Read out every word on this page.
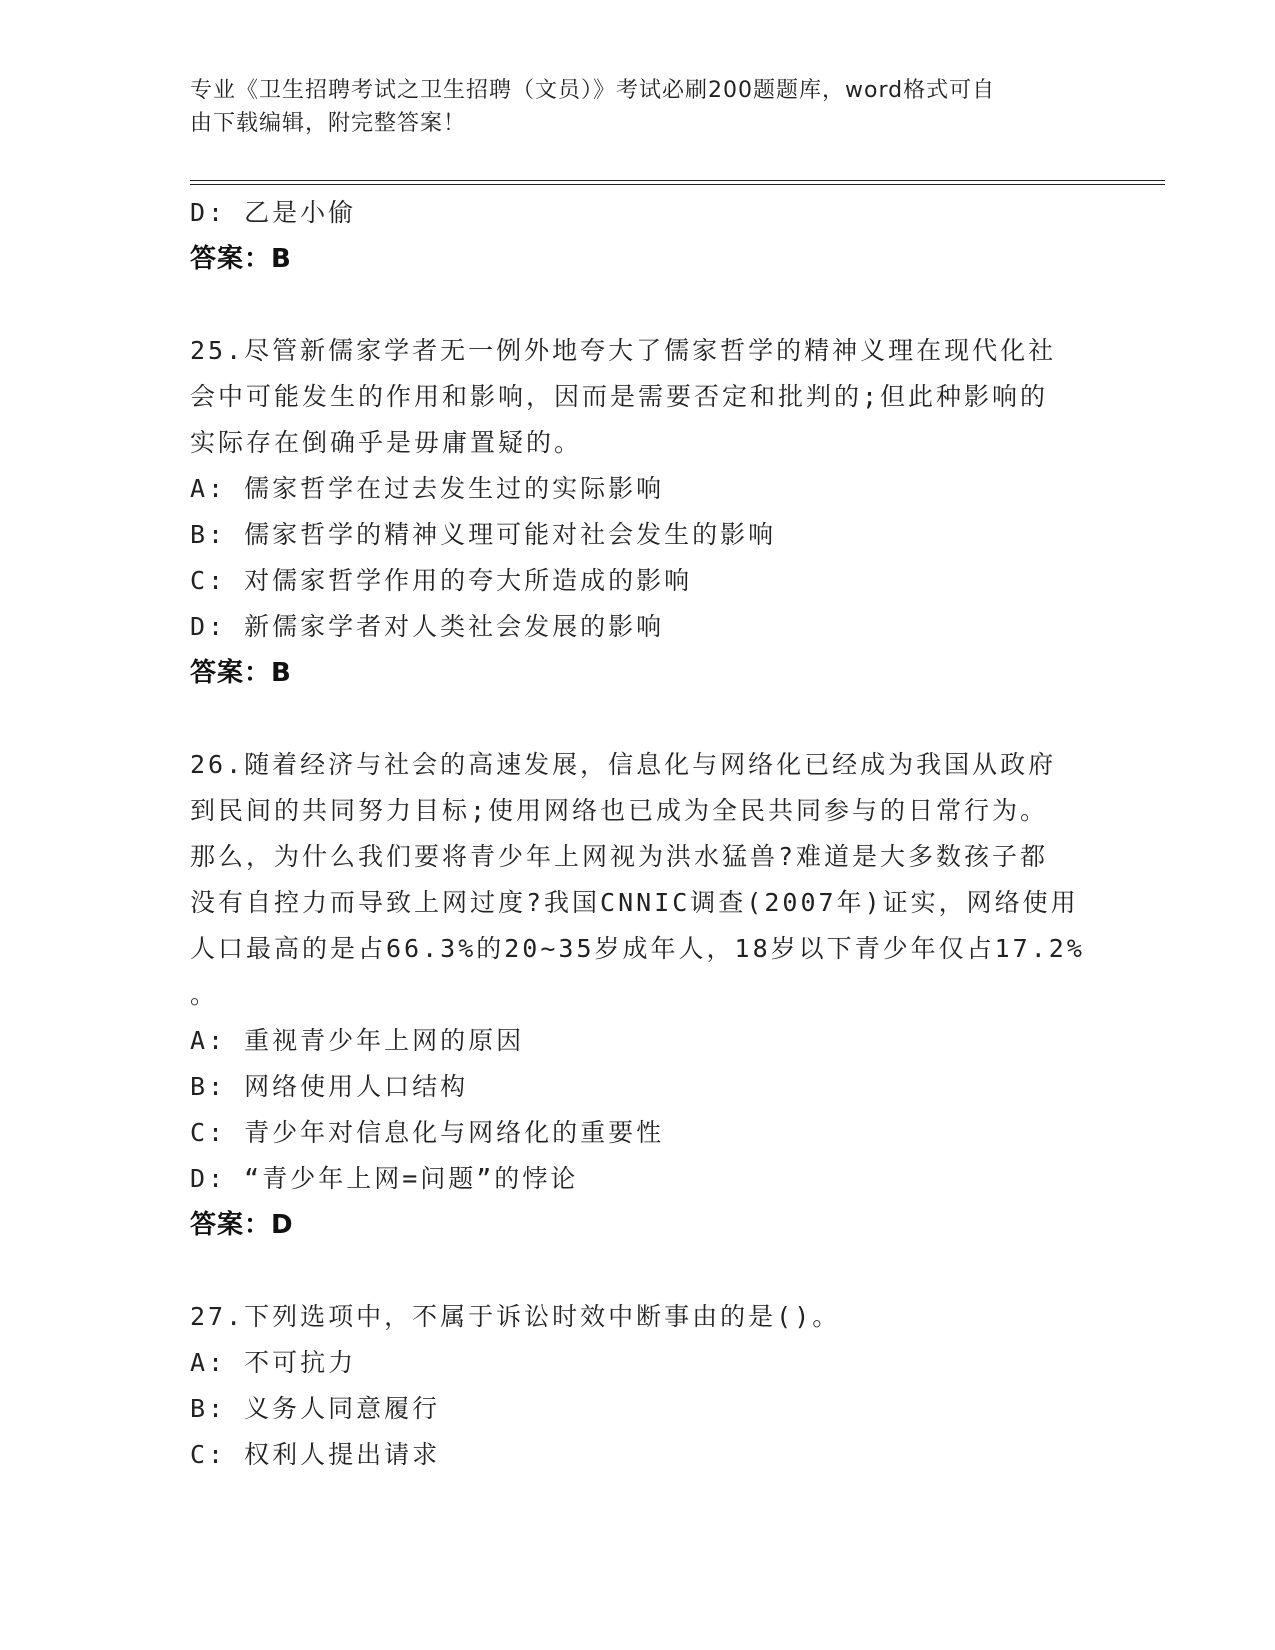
专业《卫生招聘考试之卫生招聘（文员）》考试必刷200题题库，word格式可自
由下载编辑，附完整答案！
D: 乙是小偷
答案：B
25.尽管新儒家学者无一例外地夸大了儒家哲学的精神义理在现代化社
会中可能发生的作用和影响，因而是需要否定和批判的;但此种影响的
实际存在倒确乎是毋庸置疑的。
A: 儒家哲学在过去发生过的实际影响
B: 儒家哲学的精神义理可能对社会发生的影响
C: 对儒家哲学作用的夸大所造成的影响
D: 新儒家学者对人类社会发展的影响
答案：B
26.随着经济与社会的高速发展，信息化与网络化已经成为我国从政府
到民间的共同努力目标;使用网络也已成为全民共同参与的日常行为。
那么，为什么我们要将青少年上网视为洪水猛兽?难道是大多数孩子都
没有自控力而导致上网过度?我国CNNIC调查(2007年)证实，网络使用
人口最高的是占66.3%的20~35岁成年人，18岁以下青少年仅占17.2%
。
A: 重视青少年上网的原因
B: 网络使用人口结构
C: 青少年对信息化与网络化的重要性
D: “青少年上网=问题”的悖论
答案：D
27.下列选项中，不属于诉讼时效中断事由的是()。
A: 不可抗力
B: 义务人同意履行
C: 权利人提出请求
